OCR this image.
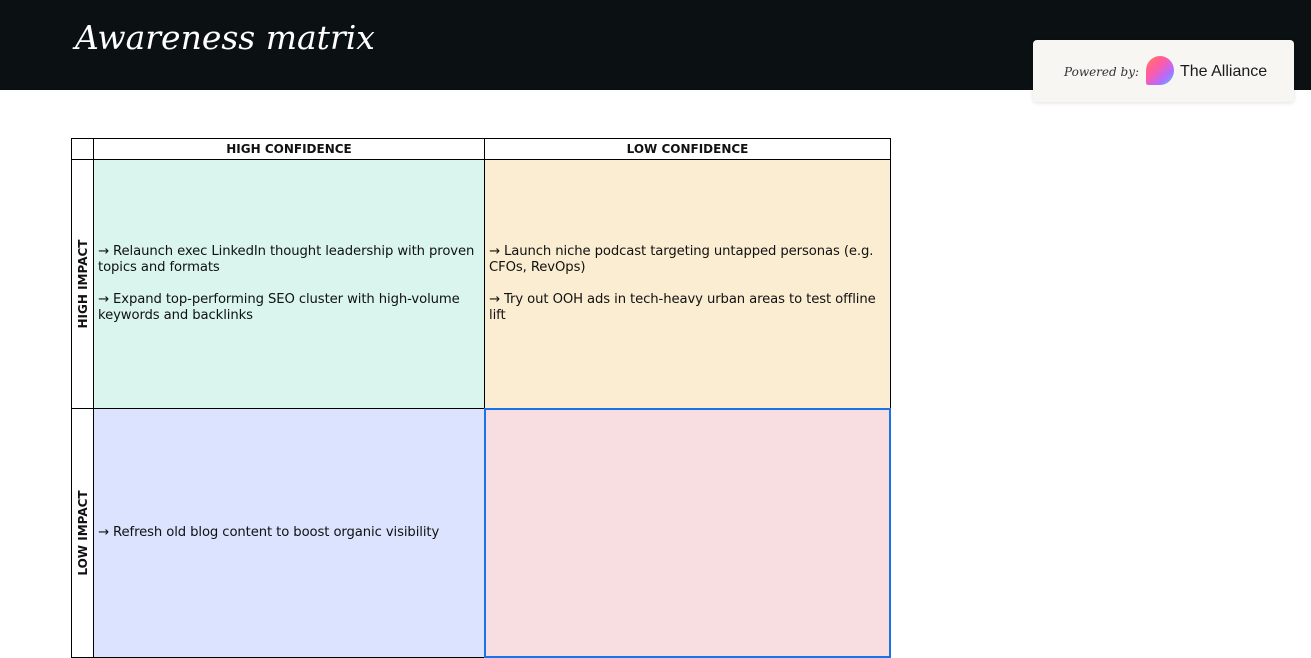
Awareness matrix
Powered by:	The Alliance
HIGH CONFIDENCE	LOW CONFIDENCE
HIGH IMPACT → Relaunch exec LinkedIn thought leadership with proven topics and formats

→ Expand top-performing SEO cluster with high-volume keywords and backlinks

→ Launch niche podcast targeting untapped personas (e.g. CFOs, RevOps)

→ Try out OOH ads in tech-heavy urban areas to test offline lift

LOW IMPACT → Refresh old blog content to boost organic visibility
